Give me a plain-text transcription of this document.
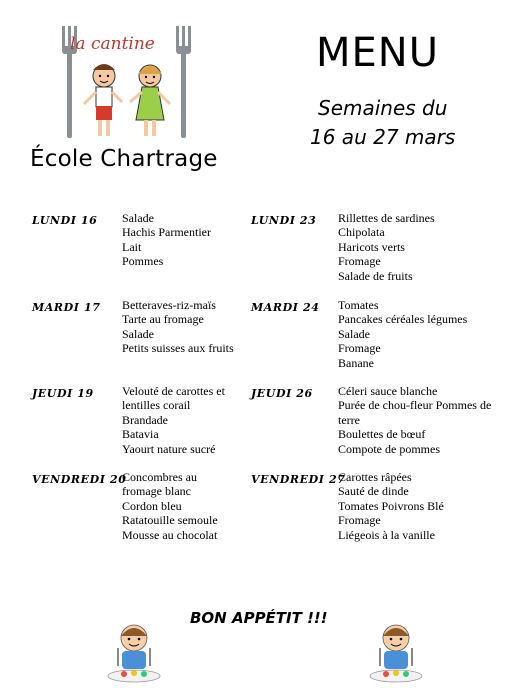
la cantine
École Chartrage
MENU
Semaines du
16 au 27 mars
LUNDI 16 Salade
Hachis Parmentier
Lait
Pommes
LUNDI 23 Rillettes de sardines
Chipolata
Haricots verts
Fromage
Salade de fruits
MARDI 17 Betteraves-riz-maïs
Tarte au fromage
Salade
Petits suisses aux fruits
MARDI 24 Tomates
Pancakes céréales légumes
Salade
Fromage
Banane
JEUDI 19 Velouté de carottes et
lentilles corail
Brandade
Batavia
Yaourt nature sucré
JEUDI 26 Céleri sauce blanche
Purée de chou-fleur Pommes de
terre
Boulettes de bœuf
Compote de pommes
VENDREDI 20
Concombres au
fromage blanc
Cordon bleu
Ratatouille semoule
Mousse au chocolat
VENDREDI 27
Carottes râpées
Sauté de dinde
Tomates Poivrons Blé
Fromage
Liégeois à la vanille
BON APPÉTIT !!!
